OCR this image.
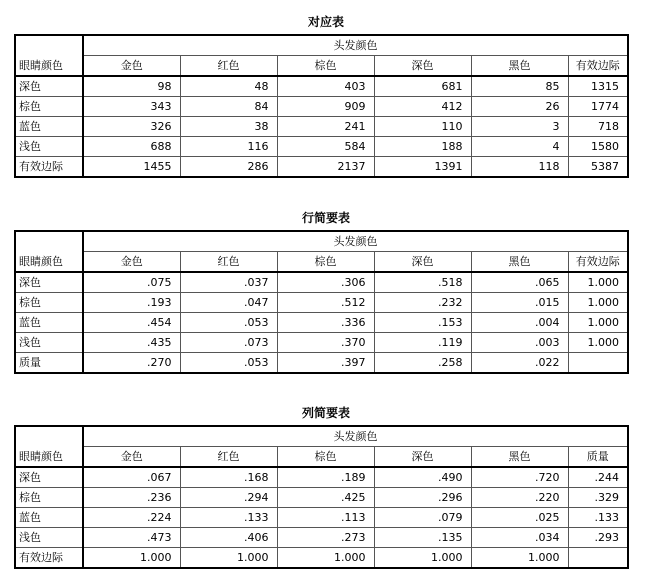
对应表
眼睛颜色	头发颜色					
	金色	红色	棕色	深色	黑色	有效边际
深色	98	48	403	681	85	1315
棕色	343	84	909	412	26	1774
蓝色	326	38	241	110	3	718
浅色	688	116	584	188	4	1580
有效边际	1455	286	2137	1391	118	5387
行简要表
眼睛颜色	头发颜色					
	金色	红色	棕色	深色	黑色	有效边际
深色	.075	.037	.306	.518	.065	1.000
棕色	.193	.047	.512	.232	.015	1.000
蓝色	.454	.053	.336	.153	.004	1.000
浅色	.435	.073	.370	.119	.003	1.000
质量	.270	.053	.397	.258	.022	
列简要表
眼睛颜色	头发颜色					
	金色	红色	棕色	深色	黑色	质量
深色	.067	.168	.189	.490	.720	.244
棕色	.236	.294	.425	.296	.220	.329
蓝色	.224	.133	.113	.079	.025	.133
浅色	.473	.406	.273	.135	.034	.293
有效边际	1.000	1.000	1.000	1.000	1.000	
